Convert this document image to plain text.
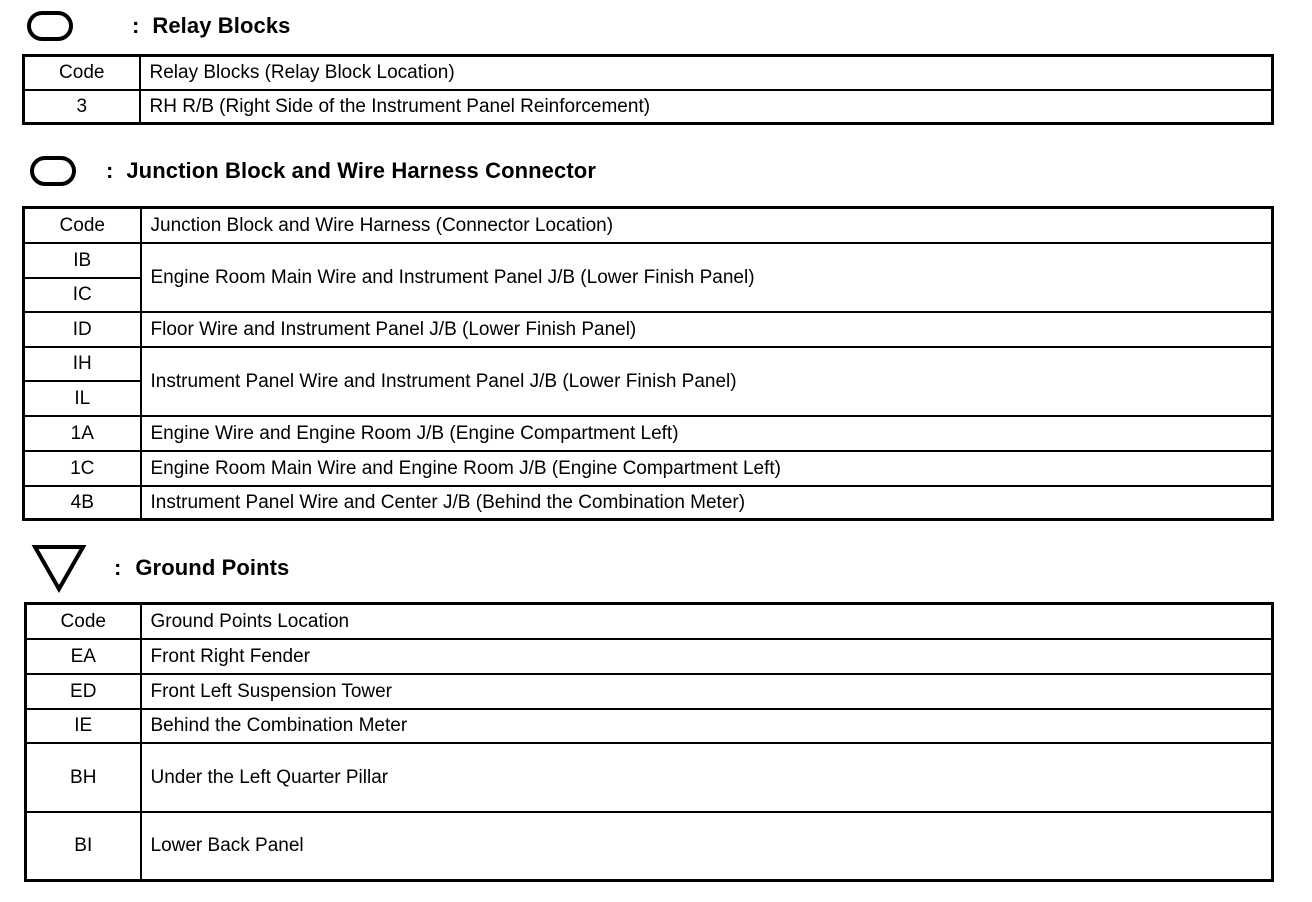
: Relay Blocks
Code	Relay Blocks (Relay Block Location)
3	RH R/B (Right Side of the Instrument Panel Reinforcement)
: Junction Block and Wire Harness Connector
Code	Junction Block and Wire Harness (Connector Location)
IB	Engine Room Main Wire and Instrument Panel J/B (Lower Finish Panel)
IC	
ID	Floor Wire and Instrument Panel J/B (Lower Finish Panel)
IH	Instrument Panel Wire and Instrument Panel J/B (Lower Finish Panel)
IL	
1A	Engine Wire and Engine Room J/B (Engine Compartment Left)
1C	Engine Room Main Wire and Engine Room J/B (Engine Compartment Left)
4B	Instrument Panel Wire and Center J/B (Behind the Combination Meter)
: Ground Points
Code	Ground Points Location
EA	Front Right Fender
ED	Front Left Suspension Tower
IE	Behind the Combination Meter
BH	Under the Left Quarter Pillar
BI	Lower Back Panel
